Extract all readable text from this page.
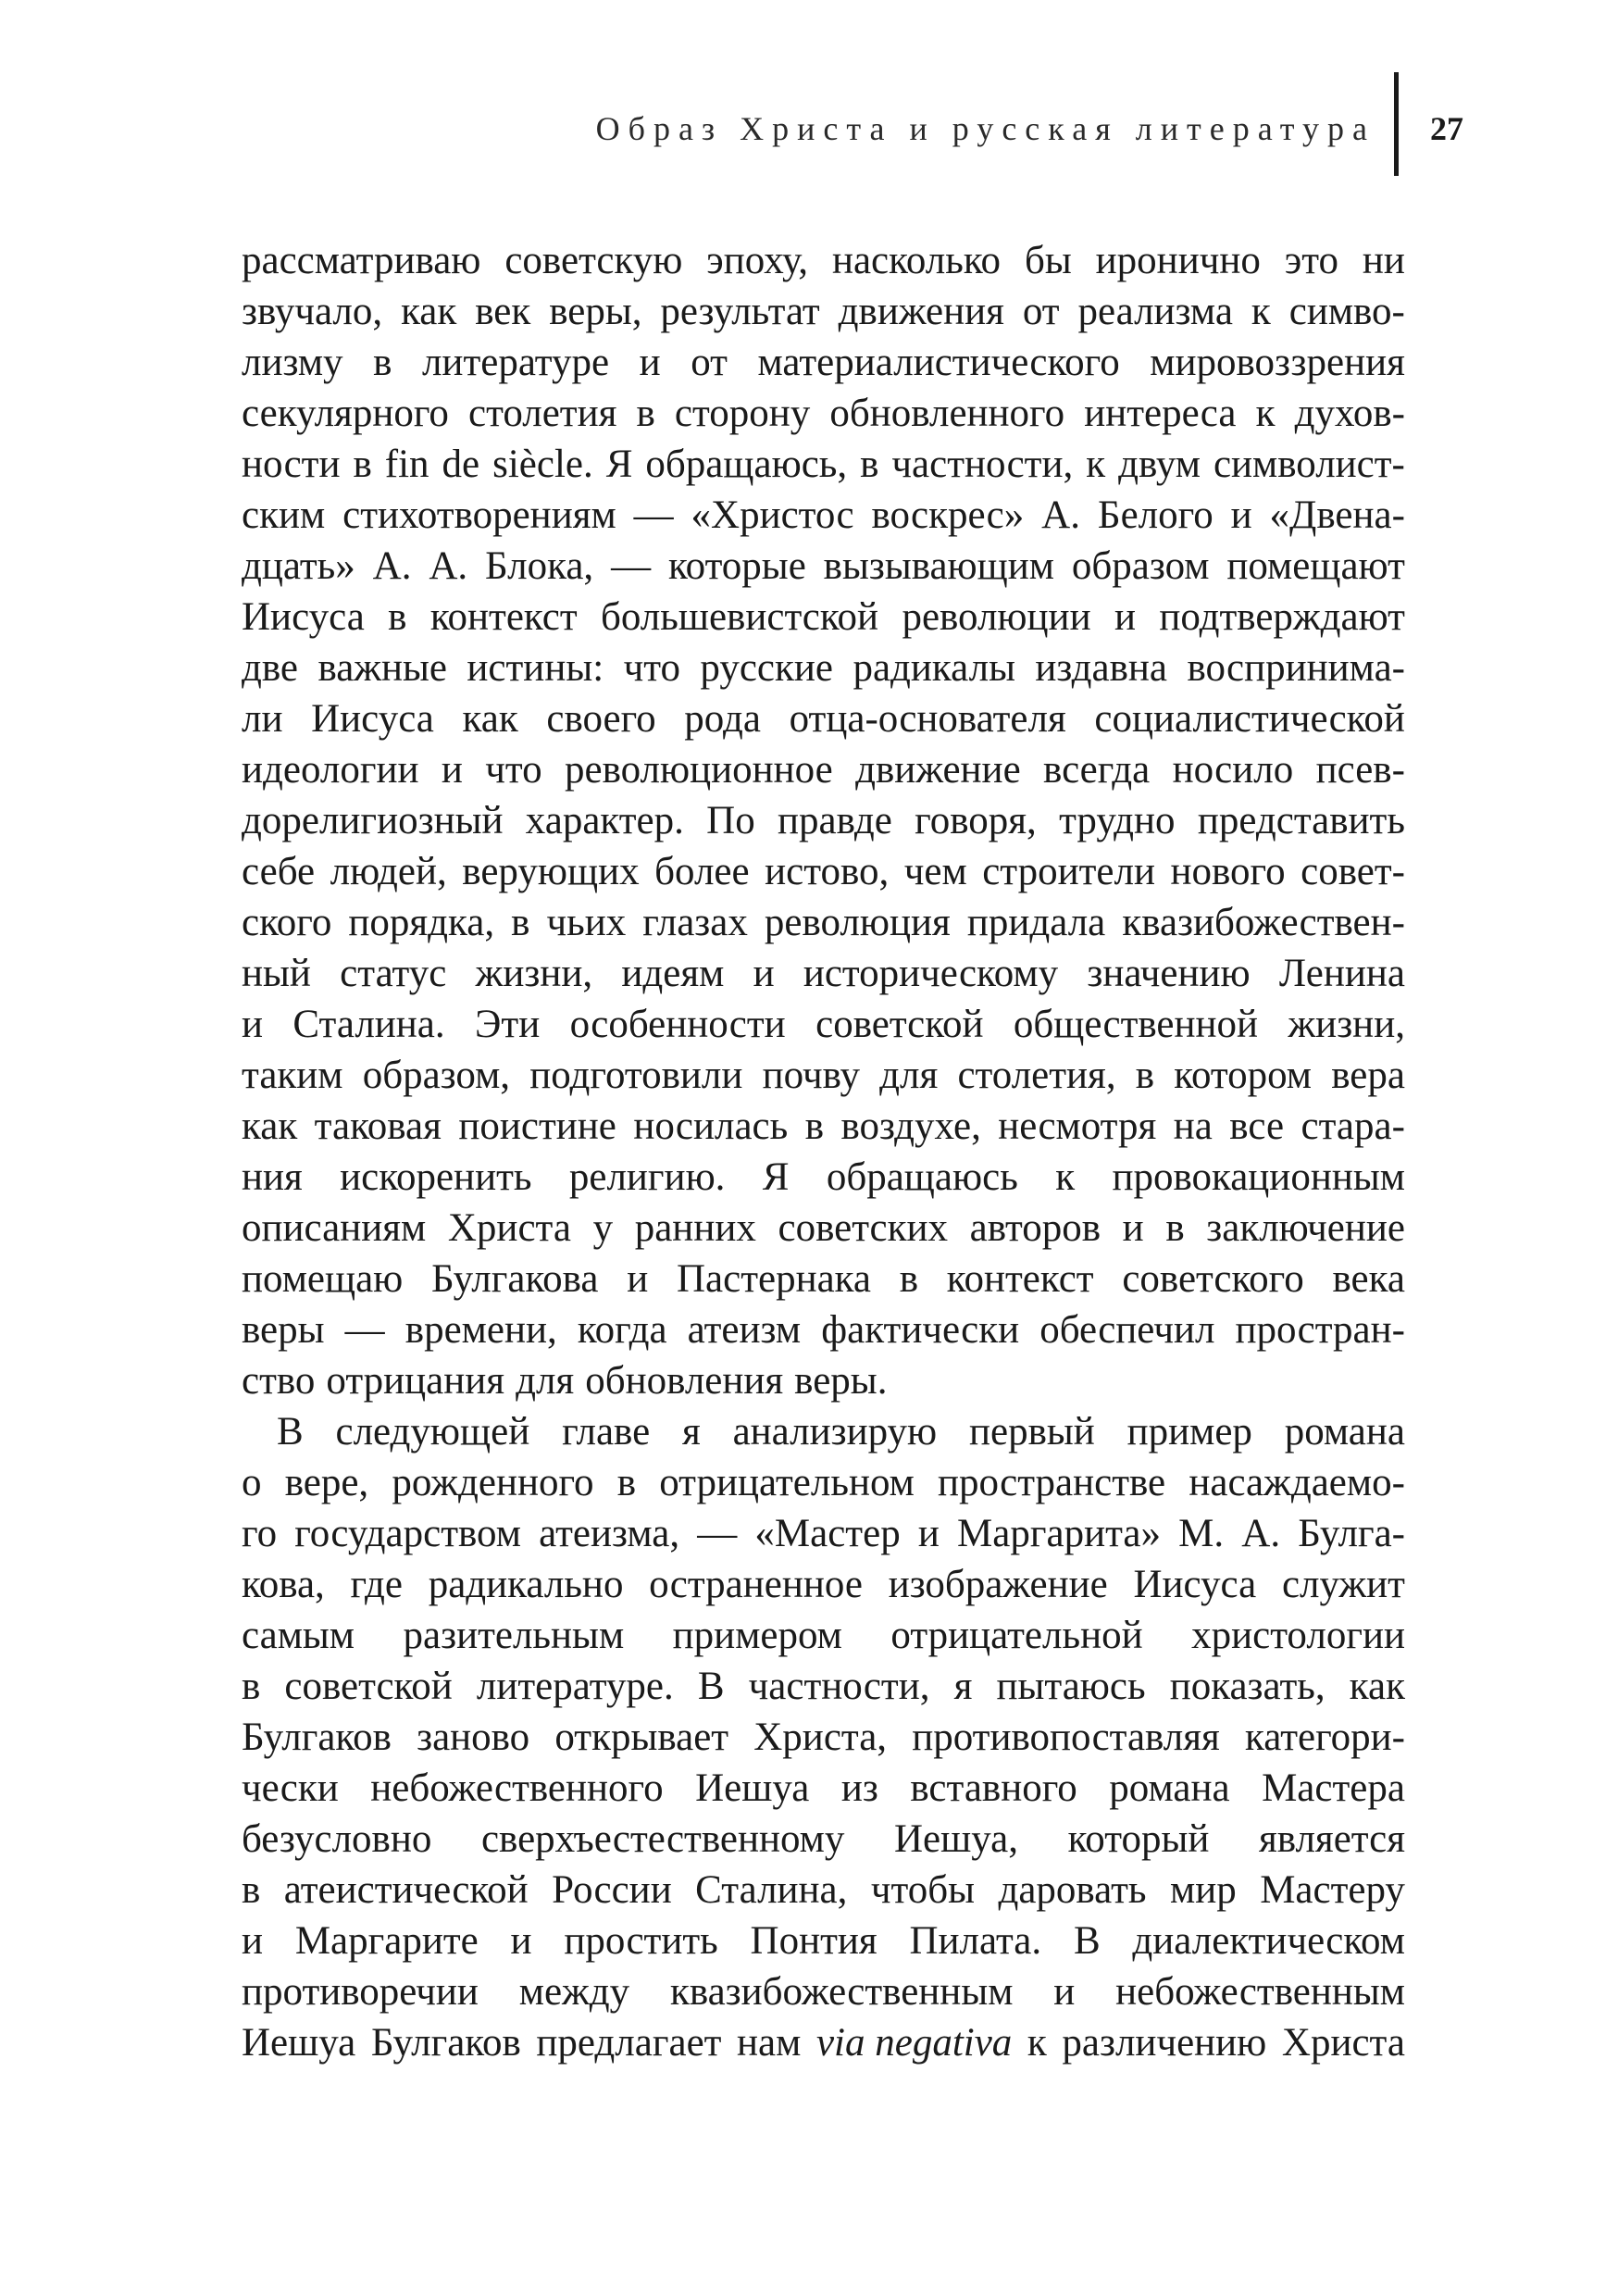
Образ Христа и русская литература 27
рассматриваю советскую эпоху, насколько бы иронично это ни
звучало, как век веры, результат движения от реализма к симво-
лизму в литературе и от материалистического мировоззрения
секулярного столетия в сторону обновленного интереса к духов-
ности в fin de siècle. Я обращаюсь, в частности, к двум символист-
ским стихотворениям — «Христос воскрес» А. Белого и «Двена-
дцать» А. А. Блока, — которые вызывающим образом помещают
Иисуса в контекст большевистской революции и подтверждают
две важные истины: что русские радикалы издавна воспринима-
ли Иисуса как своего рода отца-основателя социалистической
идеологии и что революционное движение всегда носило псев-
дорелигиозный характер. По правде говоря, трудно представить
себе людей, верующих более истово, чем строители нового совет-
ского порядка, в чьих глазах революция придала квазибожествен-
ный статус жизни, идеям и историческому значению Ленина
и Сталина. Эти особенности советской общественной жизни,
таким образом, подготовили почву для столетия, в котором вера
как таковая поистине носилась в воздухе, несмотря на все стара-
ния искоренить религию. Я обращаюсь к провокационным
описаниям Христа у ранних советских авторов и в заключение
помещаю Булгакова и Пастернака в контекст советского века
веры — времени, когда атеизм фактически обеспечил простран-
ство отрицания для обновления веры.
В следующей главе я анализирую первый пример романа
о вере, рожденного в отрицательном пространстве насаждаемо-
го государством атеизма, — «Мастер и Маргарита» М. А. Булга-
кова, где радикально остраненное изображение Иисуса служит
самым разительным примером отрицательной христологии
в советской литературе. В частности, я пытаюсь показать, как
Булгаков заново открывает Христа, противопоставляя категори-
чески небожественного Иешуа из вставного романа Мастера
безусловно сверхъестественному Иешуа, который является
в атеистической России Сталина, чтобы даровать мир Мастеру
и Маргарите и простить Понтия Пилата. В диалектическом
противоречии между квазибожественным и небожественным
Иешуа Булгаков предлагает нам via negativa к различению Христа
